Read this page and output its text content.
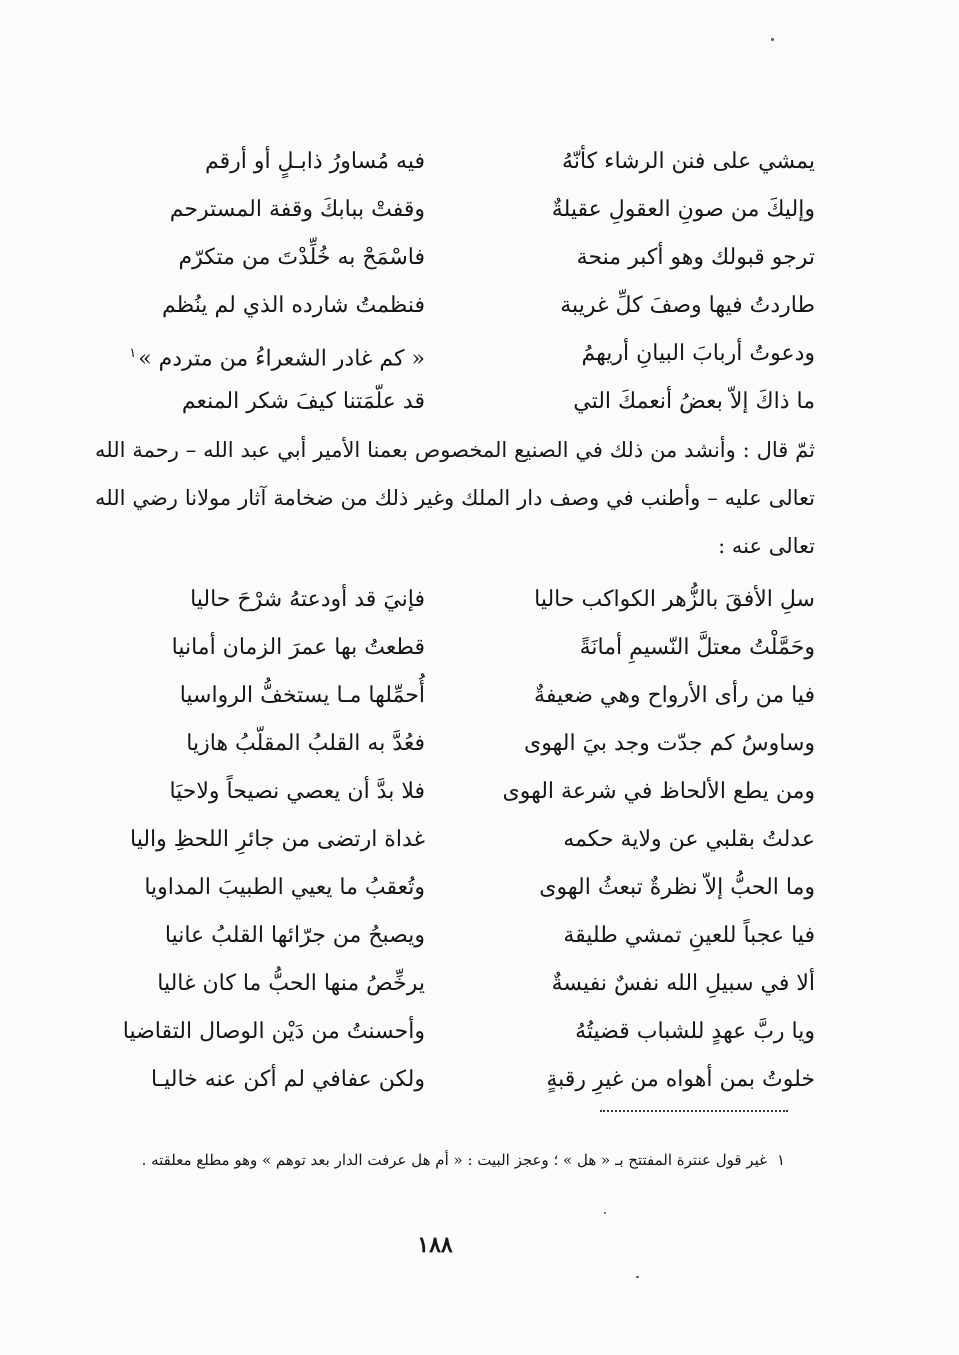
يمشي على فنن الرشاء كأنّهُ
فيه مُساورُ ذابـلٍ أو أرقم
وإليكَ من صونِ العقولِ عقيلةٌ
وقفتْ ببابكَ وقفة المسترحم
ترجو قبولك وهو أكبر منحة
فاسْمَحْ به خُلِّدْتَ من متكرّم
طاردتُ فيها وصفَ كلِّ غريبة
فنظمتُ شارده الذي لم ينُظم
ودعوتُ أربابَ البيانِ أريهمُ
« كم غادر الشعراءُ من متردم »$^١$
ما ذاكَ إلاّ بعضُ أنعمكَ التي
قد علّمَتنا كيفَ شكر المنعم

ثمّ قال : وأنشد من ذلك في الصنيع المخصوص بعمنا الأمير أبي عبد الله – رحمة الله تعالى عليه – وأطنب في وصف دار الملك وغير ذلك من ضخامة آثار مولانا رضي الله تعالى عنه :

سلِ الأفقَ بالزُّهر الكواكب حاليا
فإنيَ قد أودعتهُ شرْحَ حاليا
وحَمَّلْتُ معتلَّ النّسيمِ أمانَةً
قطعتُ بها عمرَ الزمان أمانيا
فيا من رأى الأرواح وهي ضعيفةٌ
أُحمِّلها مـا يستخفُّ الرواسيا
وساوسُ كم جدّت وجد بيَ الهوى
فعُدَّ به القلبُ المقلّبُ هازيا
ومن يطع الألحاظ في شرعة الهوى
فلا بدَّ أن يعصي نصيحاً ولاحيَا
عدلتُ بقلبي عن ولاية حكمه
غداة ارتضى من جائرِ اللحظِ واليا
وما الحبُّ إلاّ نظرةٌ تبعثُ الهوى
وتُعقبُ ما يعيي الطبيبَ المداويا
فيا عجباً للعينِ تمشي طليقة
ويصبحُ من جرّائها القلبُ عانيا
ألا في سبيلِ الله نفسٌ نفيسةٌ
يرخِّصُ منها الحبُّ ما كان غاليا
ويا ربَّ عهدٍ للشباب قضيتُهُ
وأحسنتُ من دَيْن الوصال التقاضيا
خلوتُ بمن أهواه من غيرِ رقبةٍ
ولكن عفافي لم أكن عنه خاليـا
١غير قول عنترة المفتتح بـ « هل » ؛ وعجز البيت : « أم هل عرفت الدار بعد توهم » وهو مطلع معلقته .
١٨٨
